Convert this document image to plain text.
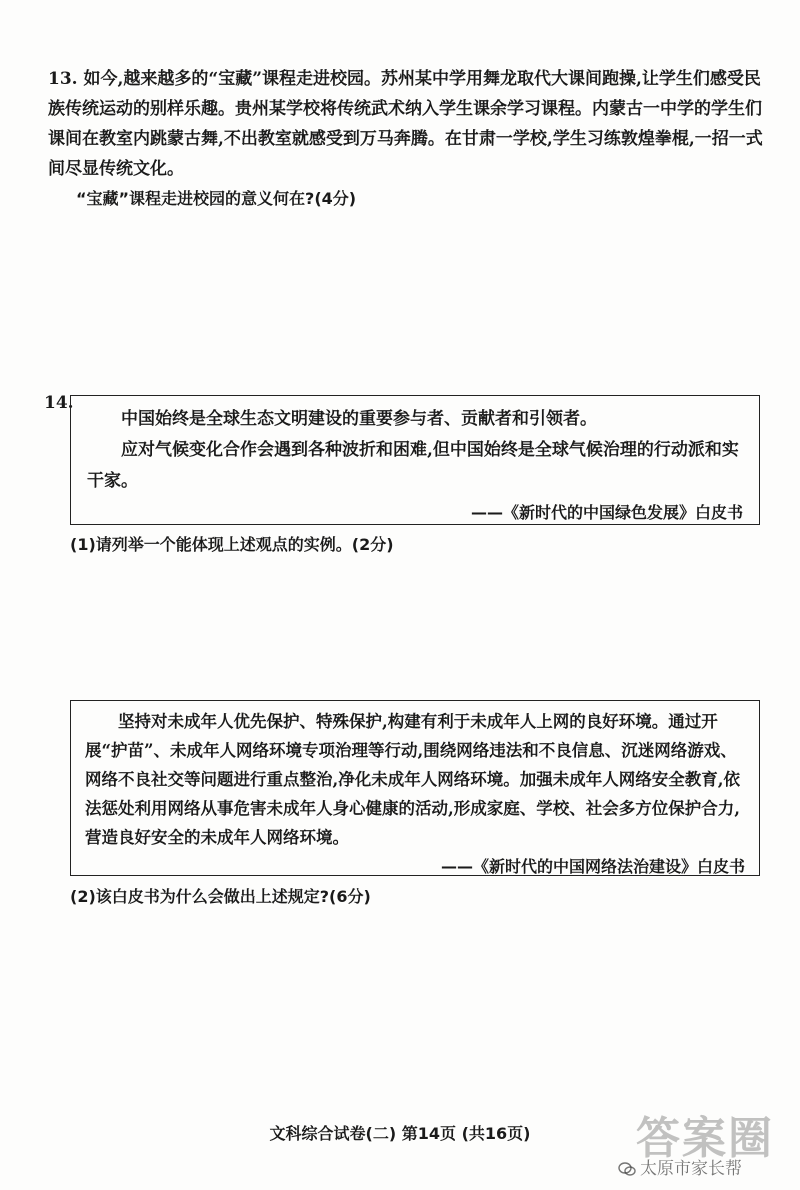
13. 如今,越来越多的“宝藏”课程走进校园。苏州某中学用舞龙取代大课间跑操,让学生们感受民族传统运动的别样乐趣。贵州某学校将传统武术纳入学生课余学习课程。内蒙古一中学的学生们课间在教室内跳蒙古舞,不出教室就感受到万马奔腾。在甘肃一学校,学生习练敦煌拳棍,一招一式间尽显传统文化。
“宝藏”课程走进校园的意义何在?(4分)
14.

中国始终是全球生态文明建设的重要参与者、贡献者和引领者。

应对气候变化合作会遇到各种波折和困难,但中国始终是全球气候治理的行动派和实干家。

——《新时代的中国绿色发展》白皮书
(1)请列举一个能体现上述观点的实例。(2分)

坚持对未成年人优先保护、特殊保护,构建有利于未成年人上网的良好环境。通过开展“护苗”、未成年人网络环境专项治理等行动,围绕网络违法和不良信息、沉迷网络游戏、网络不良社交等问题进行重点整治,净化未成年人网络环境。加强未成年人网络安全教育,依法惩处利用网络从事危害未成年人身心健康的活动,形成家庭、学校、社会多方位保护合力,营造良好安全的未成年人网络环境。

——《新时代的中国网络法治建设》白皮书
(2)该白皮书为什么会做出上述规定?(6分)
文科综合试卷(二) 第14页 (共16页)	答案圈
太原市家长帮
